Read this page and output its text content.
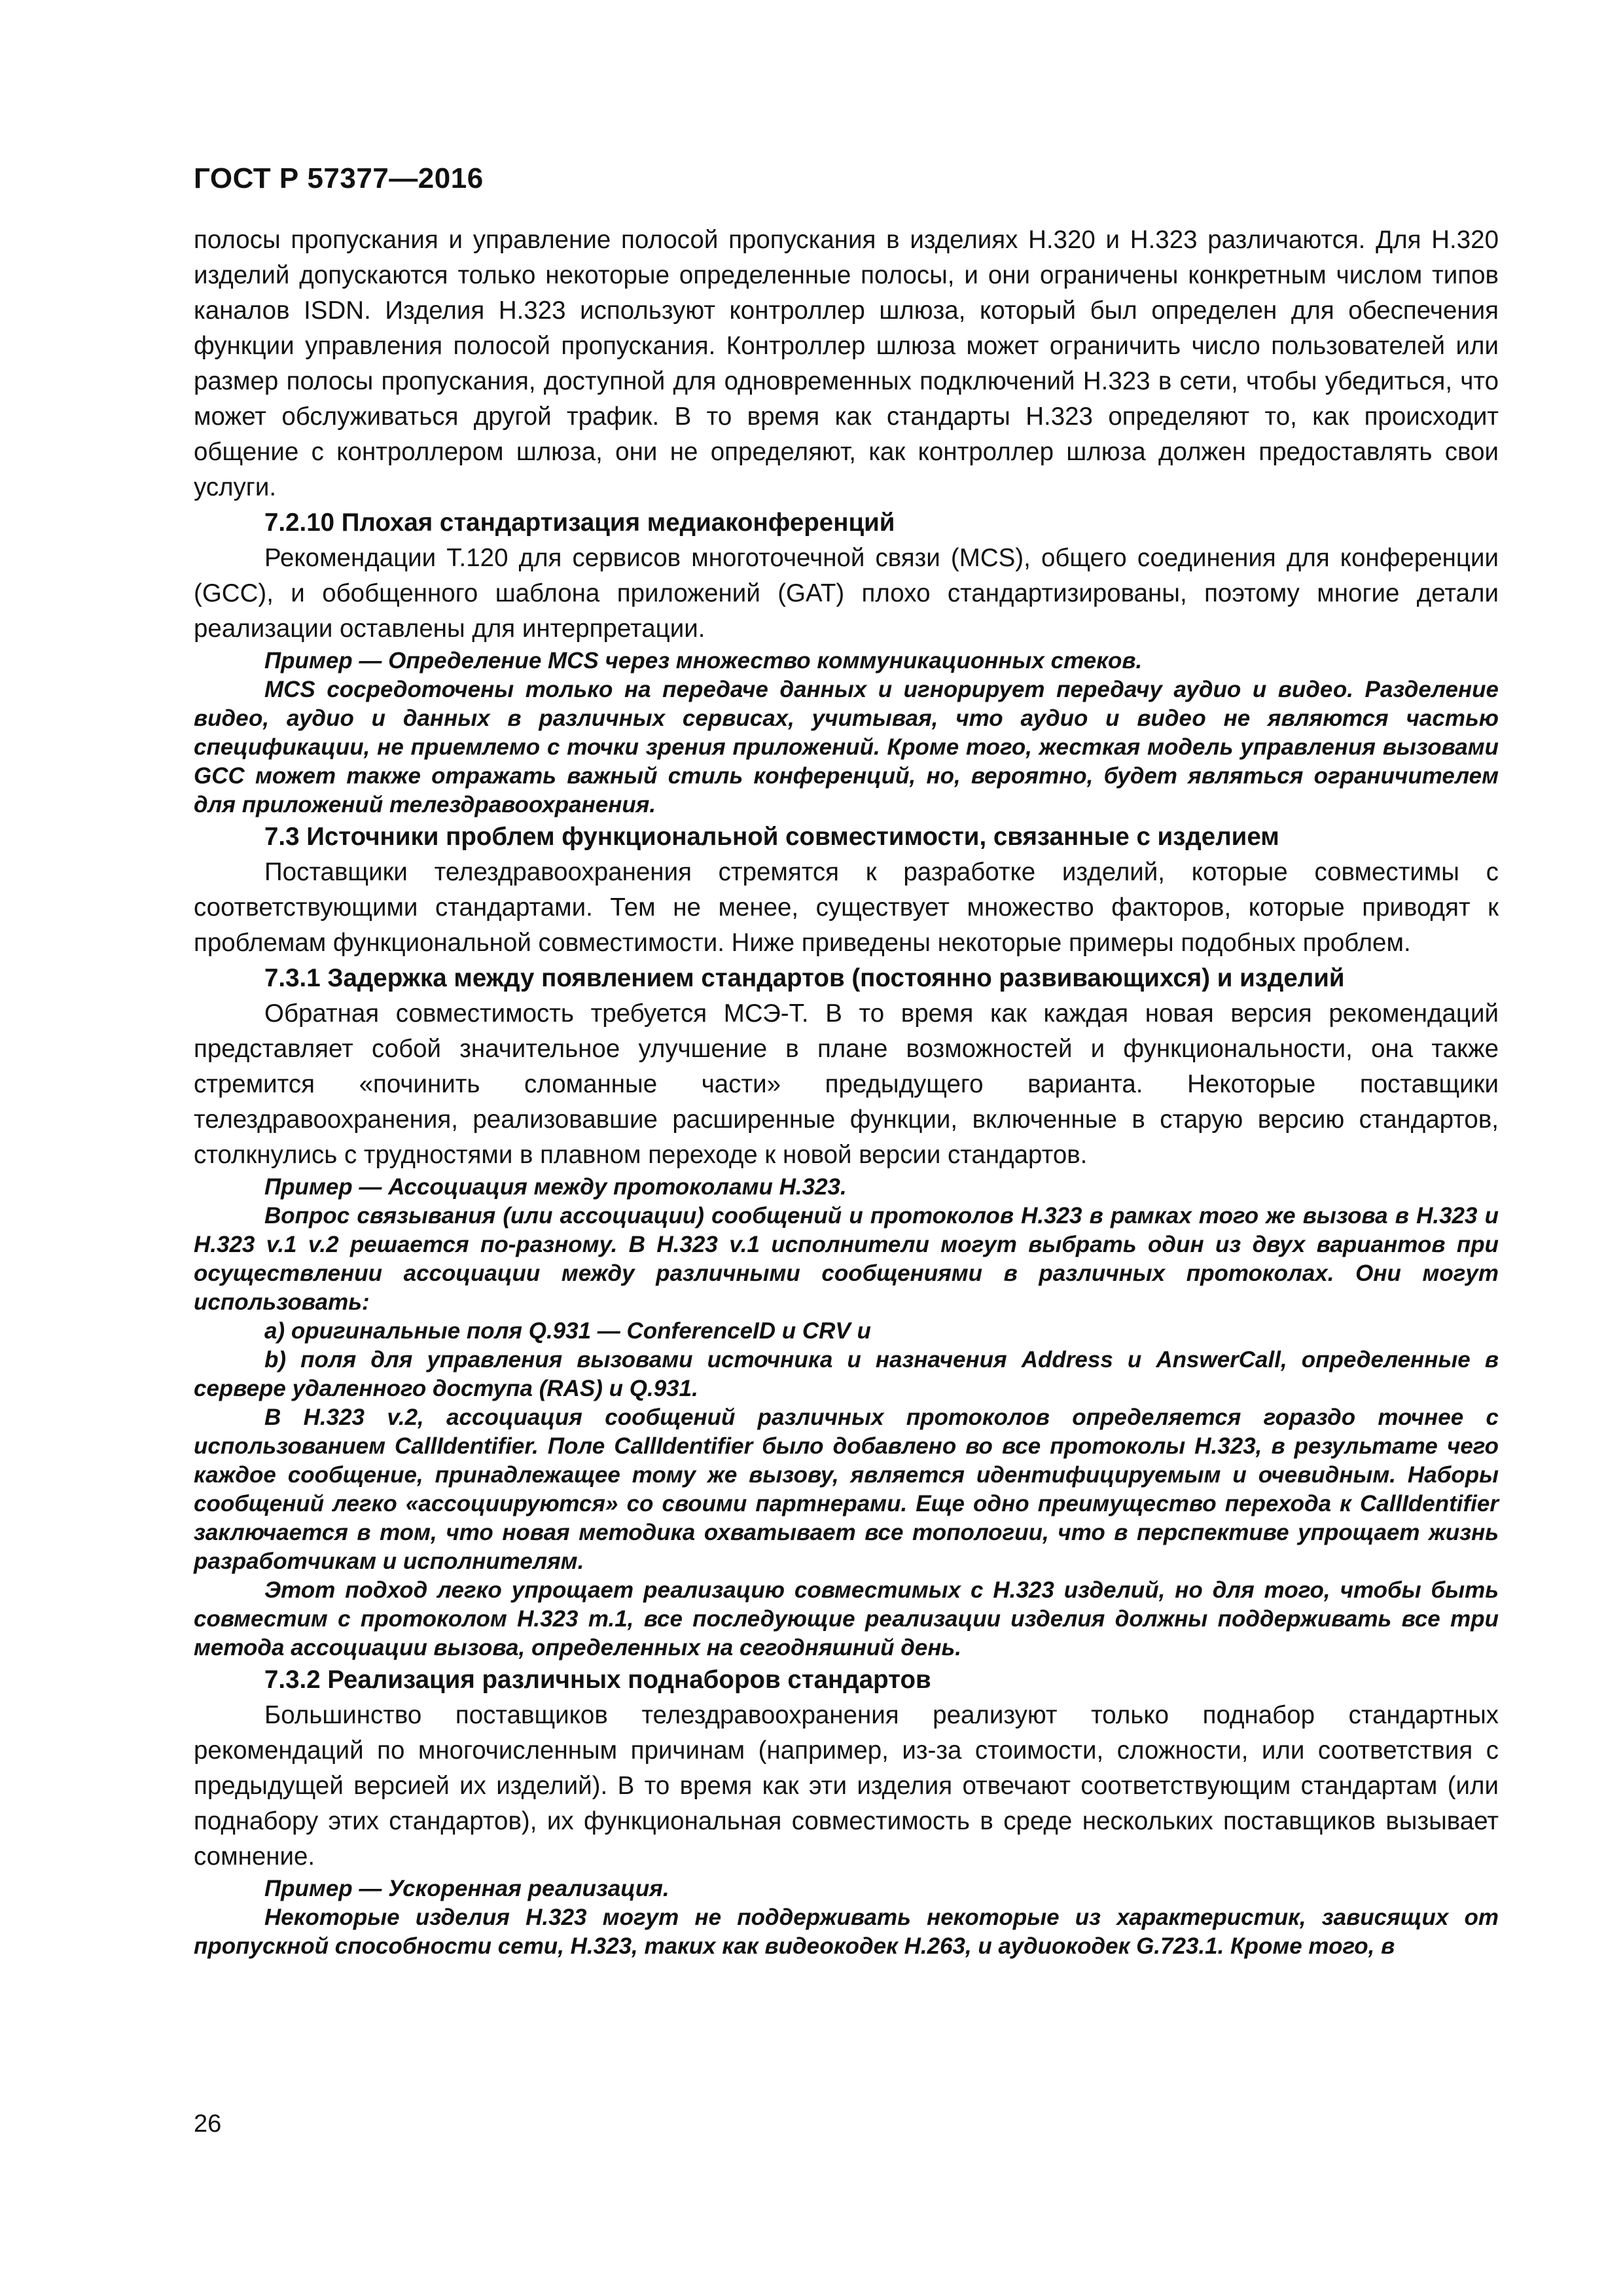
ГОСТ Р 57377—2016

полосы пропускания и управление полосой пропускания в изделиях H.320 и H.323 различаются. Для H.320 изделий допускаются только некоторые определенные полосы, и они ограничены конкретным числом типов каналов ISDN. Изделия H.323 используют контроллер шлюза, который был определен для обеспечения функции управления полосой пропускания. Контроллер шлюза может ограничить число пользователей или размер полосы пропускания, доступной для одновременных подключений H.323 в сети, чтобы убедиться, что может обслуживаться другой трафик. В то время как стандарты H.323 определяют то, как происходит общение с контроллером шлюза, они не определяют, как контроллер шлюза должен предоставлять свои услуги.

7.2.10 Плохая стандартизация медиаконференций

Рекомендации T.120 для сервисов многоточечной связи (MCS), общего соединения для конференции (GCC), и обобщенного шаблона приложений (GAT) плохо стандартизированы, поэтому многие детали реализации оставлены для интерпретации.

Пример — Определение MCS через множество коммуникационных стеков.

MCS сосредоточены только на передаче данных и игнорирует передачу аудио и видео. Разделение видео, аудио и данных в различных сервисах, учитывая, что аудио и видео не являются частью спецификации, не приемлемо с точки зрения приложений. Кроме того, жесткая модель управления вызовами GCC может также отражать важный стиль конференций, но, вероятно, будет являться ограничителем для приложений телездравоохранения.

7.3 Источники проблем функциональной совместимости, связанные с изделием

Поставщики телездравоохранения стремятся к разработке изделий, которые совместимы с соответствующими стандартами. Тем не менее, существует множество факторов, которые приводят к проблемам функциональной совместимости. Ниже приведены некоторые примеры подобных проблем.

7.3.1 Задержка между появлением стандартов (постоянно развивающихся) и изделий

Обратная совместимость требуется МСЭ-Т. В то время как каждая новая версия рекомендаций представляет собой значительное улучшение в плане возможностей и функциональности, она также стремится «починить сломанные части» предыдущего варианта. Некоторые поставщики телездравоохранения, реализовавшие расширенные функции, включенные в старую версию стандартов, столкнулись с трудностями в плавном переходе к новой версии стандартов.

Пример — Ассоциация между протоколами H.323.

Вопрос связывания (или ассоциации) сообщений и протоколов H.323 в рамках того же вызова в H.323 и H.323 v.1 v.2 решается по-разному. В H.323 v.1 исполнители могут выбрать один из двух вариантов при осуществлении ассоциации между различными сообщениями в различных протоколах. Они могут использовать:

a) оригинальные поля Q.931 — ConferenceID и CRV и

b) поля для управления вызовами источника и назначения Address и AnswerCall, определенные в сервере удаленного доступа (RAS) и Q.931.

В H.323 v.2, ассоциация сообщений различных протоколов определяется гораздо точнее с использованием CallIdentifier. Поле CallIdentifier было добавлено во все протоколы H.323, в результате чего каждое сообщение, принадлежащее тому же вызову, является идентифицируемым и очевидным. Наборы сообщений легко «ассоциируются» со своими партнерами. Еще одно преимущество перехода к CallIdentifier заключается в том, что новая методика охватывает все топологии, что в перспективе упрощает жизнь разработчикам и исполнителям.

Этот подход легко упрощает реализацию совместимых с H.323 изделий, но для того, чтобы быть совместим с протоколом H.323 т.1, все последующие реализации изделия должны поддерживать все три метода ассоциации вызова, определенных на сегодняшний день.

7.3.2 Реализация различных поднаборов стандартов

Большинство поставщиков телездравоохранения реализуют только поднабор стандартных рекомендаций по многочисленным причинам (например, из-за стоимости, сложности, или соответствия с предыдущей версией их изделий). В то время как эти изделия отвечают соответствующим стандартам (или поднабору этих стандартов), их функциональная совместимость в среде нескольких поставщиков вызывает сомнение.

Пример — Ускоренная реализация.

Некоторые изделия H.323 могут не поддерживать некоторые из характеристик, зависящих от пропускной способности сети, H.323, таких как видеокодек H.263, и аудиокодек G.723.1. Кроме того, в

26
